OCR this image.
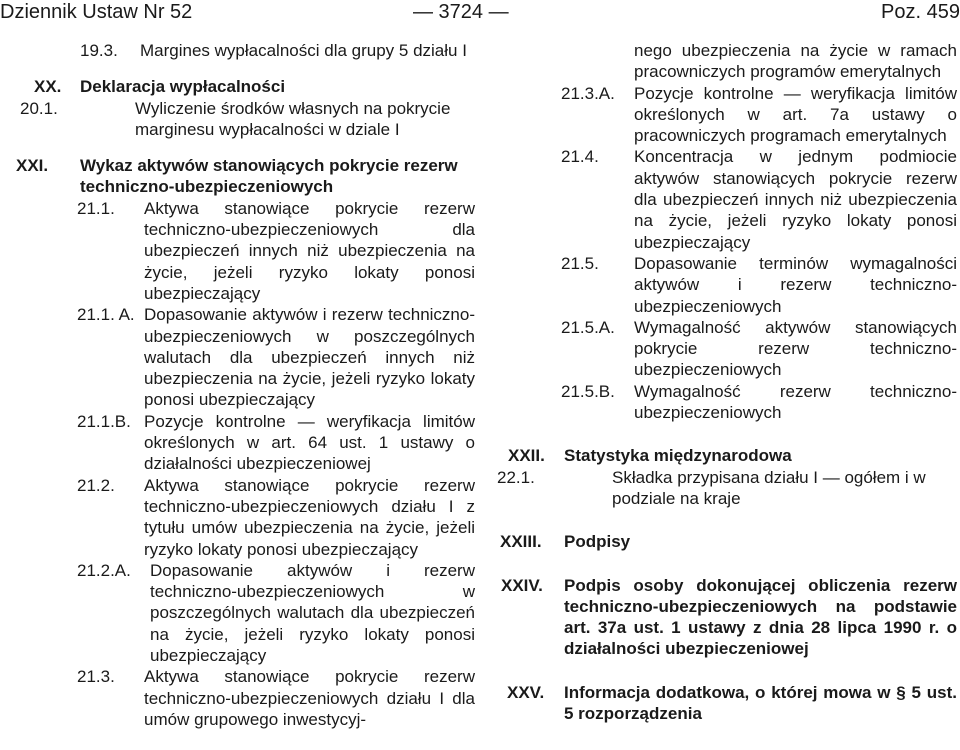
Dziennik Ustaw Nr 52	— 3724 —	Poz. 459
19.3.	Margines wypłacalności dla grupy 5 działu I
XX. Deklaracja wypłacalności
20.1.	Wyliczenie środków własnych na pokrycie marginesu wypłacalności w dziale I
XXI. Wykaz aktywów stanowiących pokrycie rezerw techniczno-ubezpieczeniowych
21.1. Aktywa stanowiące pokrycie rezerw techniczno-ubezpieczeniowych dla ubezpieczeń innych niż ubezpieczenia na życie, jeżeli ryzyko lokaty ponosi ubezpieczający
21.1. A. Dopasowanie aktywów i rezerw techniczno-ubezpieczeniowych w poszczególnych walutach dla ubezpieczeń innych niż ubezpieczenia na życie, jeżeli ryzyko lokaty ponosi ubezpieczający
21.1.B. Pozycje kontrolne — weryfikacja limitów określonych w art. 64 ust. 1 ustawy o działalności ubezpieczeniowej
21.2. Aktywa stanowiące pokrycie rezerw techniczno-ubezpieczeniowych działu I z tytułu umów ubezpieczenia na życie, jeżeli ryzyko lokaty ponosi ubezpieczający
21.2.A. Dopasowanie aktywów i rezerw techniczno-ubezpieczeniowych w poszczególnych walutach dla ubezpieczeń na życie, jeżeli ryzyko lokaty ponosi ubezpieczający
21.3. Aktywa stanowiące pokrycie rezerw techniczno-ubezpieczeniowych działu I dla umów grupowego inwestycyj-
nego ubezpieczenia na życie w ramach pracowniczych programów emerytalnych
21.3.A. Pozycje kontrolne — weryfikacja limitów określonych w art. 7a ustawy o pracowniczych programach emerytalnych
21.4. Koncentracja w jednym podmiocie aktywów stanowiących pokrycie rezerw dla ubezpieczeń innych niż ubezpieczenia na życie, jeżeli ryzyko lokaty ponosi ubezpieczający
21.5. Dopasowanie terminów wymagalności aktywów i rezerw techniczno-ubezpieczeniowych
21.5.A. Wymagalność aktywów stanowiących pokrycie rezerw techniczno-ubezpieczeniowych
21.5.B. Wymagalność rezerw techniczno-ubezpieczeniowych
XXII. Statystyka międzynarodowa
22.1.	Składka przypisana działu I — ogółem i w podziale na kraje
XXIII. Podpisy
XXIV. Podpis osoby dokonującej obliczenia rezerw techniczno-ubezpieczeniowych na podstawie art. 37a ust. 1 ustawy z dnia 28 lipca 1990 r. o działalności ubezpieczeniowej
XXV. Informacja dodatkowa, o której mowa w § 5 ust. 5 rozporządzenia
